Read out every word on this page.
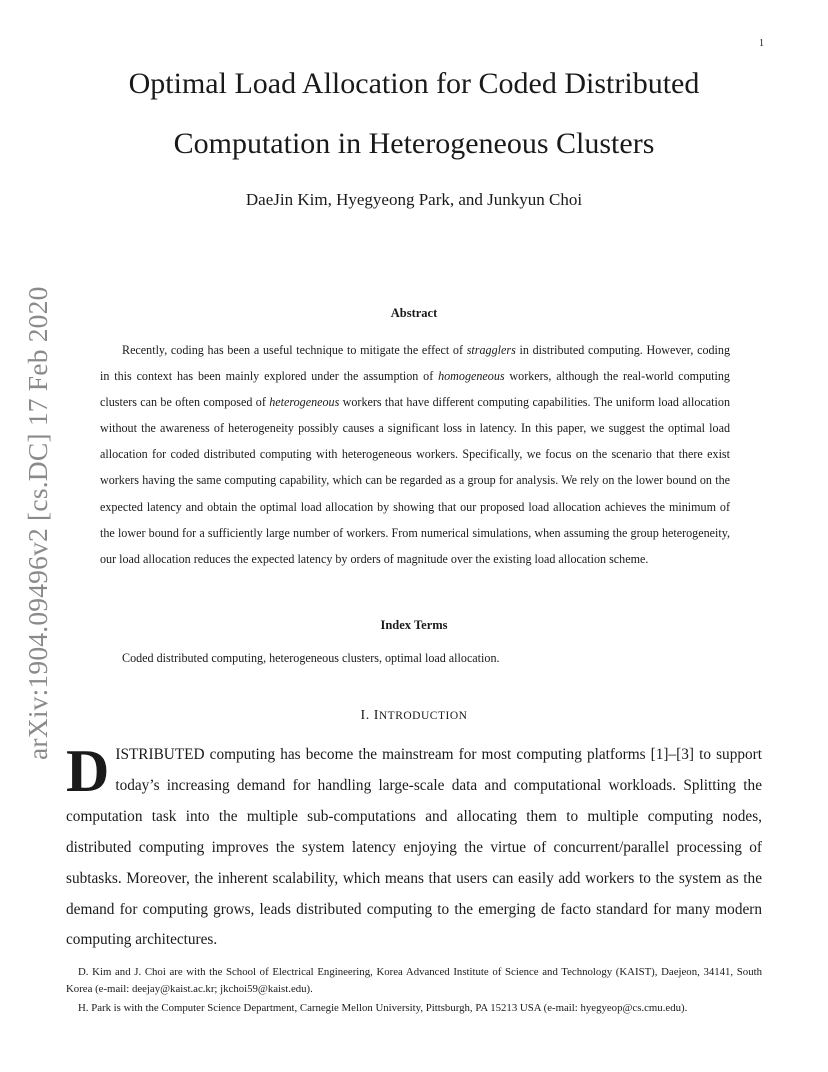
1
arXiv:1904.09496v2 [cs.DC] 17 Feb 2020
Optimal Load Allocation for Coded Distributed
Computation in Heterogeneous Clusters
DaeJin Kim, Hyegyeong Park, and Junkyun Choi
Abstract

Recently, coding has been a useful technique to mitigate the effect of stragglers in distributed computing. However, coding in this context has been mainly explored under the assumption of homogeneous workers, although the real-world computing clusters can be often composed of heterogeneous workers that have different computing capabilities. The uniform load allocation without the awareness of heterogeneity possibly causes a significant loss in latency. In this paper, we suggest the optimal load allocation for coded distributed computing with heterogeneous workers. Specifically, we focus on the scenario that there exist workers having the same computing capability, which can be regarded as a group for analysis. We rely on the lower bound on the expected latency and obtain the optimal load allocation by showing that our proposed load allocation achieves the minimum of the lower bound for a sufficiently large number of workers. From numerical simulations, when assuming the group heterogeneity, our load allocation reduces the expected latency by orders of magnitude over the existing load allocation scheme.

Index Terms
Coded distributed computing, heterogeneous clusters, optimal load allocation.
I. INTRODUCTION

DISTRIBUTED computing has become the mainstream for most computing platforms [1]–[3] to support today’s increasing demand for handling large-scale data and computational workloads. Splitting the computation task into the multiple sub-computations and allocating them to multiple computing nodes, distributed computing improves the system latency enjoying the virtue of concurrent/parallel processing of subtasks. Moreover, the inherent scalability, which means that users can easily add workers to the system as the demand for computing grows, leads distributed computing to the emerging de facto standard for many modern computing architectures.

D. Kim and J. Choi are with the School of Electrical Engineering, Korea Advanced Institute of Science and Technology (KAIST), Daejeon, 34141, South Korea (e-mail: deejay@kaist.ac.kr; jkchoi59@kaist.edu).

H. Park is with the Computer Science Department, Carnegie Mellon University, Pittsburgh, PA 15213 USA (e-mail: hyegyeop@cs.cmu.edu).
